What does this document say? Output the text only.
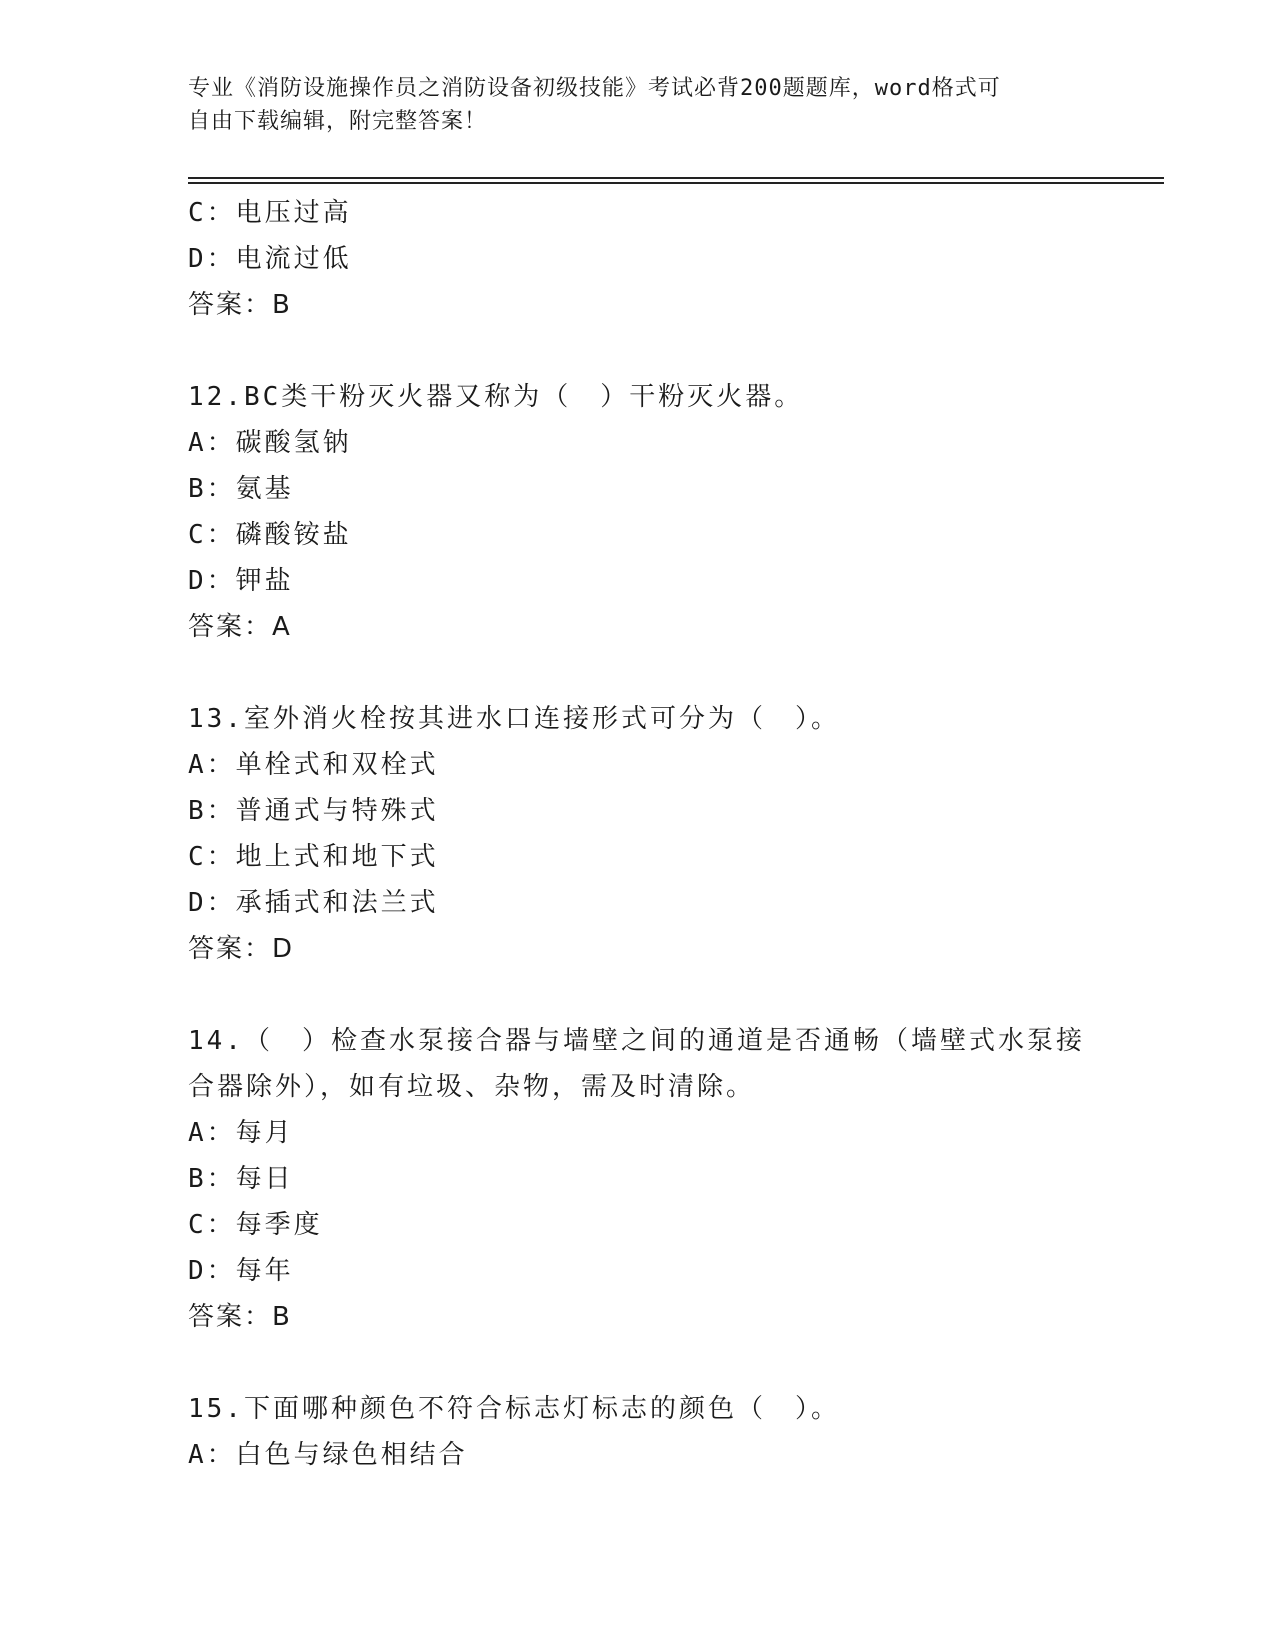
专业《消防设施操作员之消防设备初级技能》考试必背200题题库，word格式可
自由下载编辑，附完整答案！
C：电压过高
D：电流过低
答案：B
12.BC类干粉灭火器又称为（　）干粉灭火器。
A：碳酸氢钠
B：氨基
C：磷酸铵盐
D：钾盐
答案：A
13.室外消火栓按其进水口连接形式可分为（　）。
A：单栓式和双栓式
B：普通式与特殊式
C：地上式和地下式
D：承插式和法兰式
答案：D
14.（　）检查水泵接合器与墙壁之间的通道是否通畅（墙壁式水泵接
合器除外），如有垃圾、杂物，需及时清除。
A：每月
B：每日
C：每季度
D：每年
答案：B
15.下面哪种颜色不符合标志灯标志的颜色（　）。
A：白色与绿色相结合
